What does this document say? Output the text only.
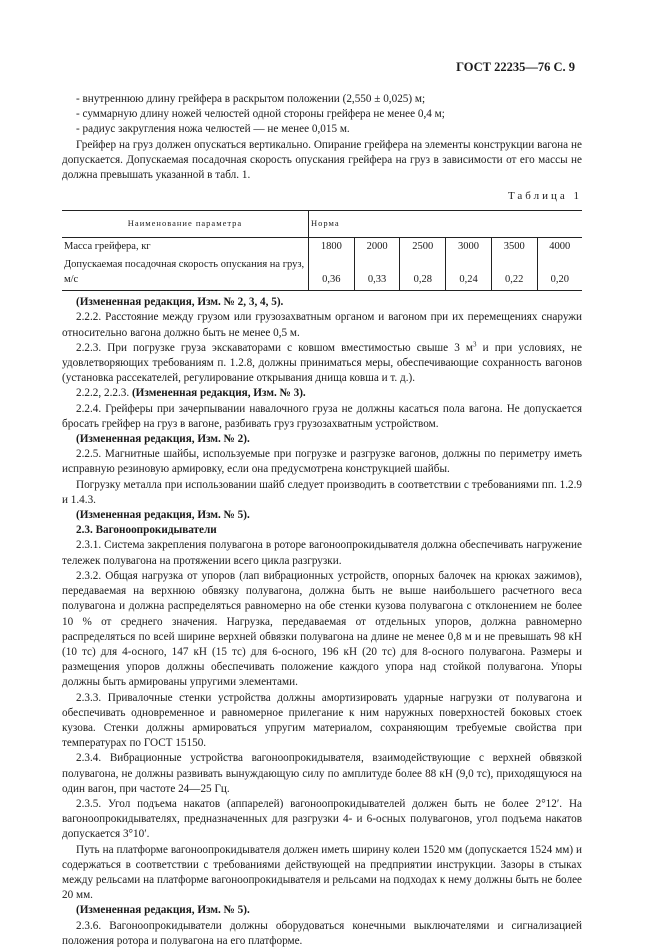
ГОСТ 22235—76 С. 9

- внутреннюю длину грейфера в раскрытом положении (2,550 ± 0,025) м;

- суммарную длину ножей челюстей одной стороны грейфера не менее 0,4 м;

- радиус закругления ножа челюстей — не менее 0,015 м.

Грейфер на груз должен опускаться вертикально. Опирание грейфера на элементы конструкции вагона не допускается. Допускаемая посадочная скорость опускания грейфера на груз в зависимости от его массы не должна превышать указанной в табл. 1.

Таблица 1
Наименование параметра	Норма					
Масса грейфера, кг	1800	2000	2500	3000	3500	4000
Допускаемая посадочная скорость опускания на груз, м/с	0,36	0,33	0,28	0,24	0,22	0,20

(Измененная редакция, Изм. № 2, 3, 4, 5).

2.2.2. Расстояние между грузом или грузозахватным органом и вагоном при их перемещениях снаружи относительно вагона должно быть не менее 0,5 м.

2.2.3. При погрузке груза экскаваторами с ковшом вместимостью свыше 3 $м^3$ и при условиях, не удовлетворяющих требованиям п. 1.2.8, должны приниматься меры, обеспечивающие сохранность вагонов (установка рассекателей, регулирование открывания днища ковша и т. д.).

2.2.2, 2.2.3. (Измененная редакция, Изм. № 3).

2.2.4. Грейферы при зачерпывании навалочного груза не должны касаться пола вагона. Не допускается бросать грейфер на груз в вагоне, разбивать груз грузозахватным устройством.

(Измененная редакция, Изм. № 2).

2.2.5. Магнитные шайбы, используемые при погрузке и разгрузке вагонов, должны по периметру иметь исправную резиновую армировку, если она предусмотрена конструкцией шайбы.

Погрузку металла при использовании шайб следует производить в соответствии с требованиями пп. 1.2.9 и 1.4.3.

(Измененная редакция, Изм. № 5).

2.3. Вагоноопрокидыватели

2.3.1. Система закрепления полувагона в роторе вагоноопрокидывателя должна обеспечивать нагружение тележек полувагона на протяжении всего цикла разгрузки.

2.3.2. Общая нагрузка от упоров (лап вибрационных устройств, опорных балочек на крюках зажимов), передаваемая на верхнюю обвязку полувагона, должна быть не выше наибольшего расчетного веса полувагона и должна распределяться равномерно на обе стенки кузова полувагона с отклонением не более 10 % от среднего значения. Нагрузка, передаваемая от отдельных упоров, должна равномерно распределяться по всей ширине верхней обвязки полувагона на длине не менее 0,8 м и не превышать 98 кН (10 тс) для 4-осного, 147 кН (15 тс) для 6-осного, 196 кН (20 тс) для 8-осного полувагона. Размеры и размещения упоров должны обеспечивать положение каждого упора над стойкой полувагона. Упоры должны быть армированы упругими элементами.

2.3.3. Привалочные стенки устройства должны амортизировать ударные нагрузки от полувагона и обеспечивать одновременное и равномерное прилегание к ним наружных поверхностей боковых стоек кузова. Стенки должны армироваться упругим материалом, сохраняющим требуемые свойства при температурах по ГОСТ 15150.

2.3.4. Вибрационные устройства вагоноопрокидывателя, взаимодействующие с верхней обвязкой полувагона, не должны развивать вынуждающую силу по амплитуде более 88 кН (9,0 тс), приходящуюся на один вагон, при частоте 24—25 Гц.

2.3.5. Угол подъема накатов (аппарелей) вагоноопрокидывателей должен быть не более 2°12′. На вагоноопрокидывателях, предназначенных для разгрузки 4- и 6-осных полувагонов, угол подъема накатов допускается 3°10′.

Путь на платформе вагоноопрокидывателя должен иметь ширину колеи 1520 мм (допускается 1524 мм) и содержаться в соответствии с требованиями действующей на предприятии инструкции. Зазоры в стыках между рельсами на платформе вагоноопрокидывателя и рельсами на подходах к нему должны быть не более 20 мм.

(Измененная редакция, Изм. № 5).

2.3.6. Вагоноопрокидыватели должны оборудоваться конечными выключателями и сигнализацией положения ротора и полувагона на его платформе.
